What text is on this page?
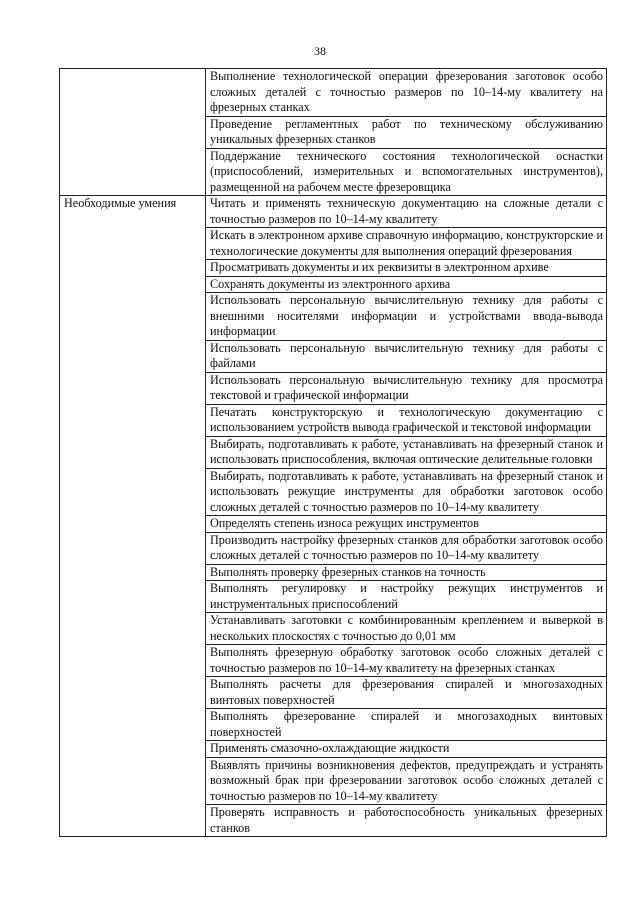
38
	Выполнение технологической операции фрезерования заготовок особо сложных деталей с точностью размеров по 10–14-му квалитету на фрезерных станках
	Проведение регламентных работ по техническому обслуживанию уникальных фрезерных станков
	Поддержание технического состояния технологической оснастки (приспособлений, измерительных и вспомогательных инструментов), размещенной на рабочем месте фрезеровщика
Необходимые умения	Читать и применять техническую документацию на сложные детали с точностью размеров по 10–14-му квалитету
	Искать в электронном архиве справочную информацию, конструкторские и технологические документы для выполнения операций фрезерования
	Просматривать документы и их реквизиты в электронном архиве
	Сохранять документы из электронного архива
	Использовать персональную вычислительную технику для работы с внешними носителями информации и устройствами ввода-вывода информации
	Использовать персональную вычислительную технику для работы с файлами
	Использовать персональную вычислительную технику для просмотра текстовой и графической информации
	Печатать конструкторскую и технологическую документацию с использованием устройств вывода графической и текстовой информации
	Выбирать, подготавливать к работе, устанавливать на фрезерный станок и использовать приспособления, включая оптические делительные головки
	Выбирать, подготавливать к работе, устанавливать на фрезерный станок и использовать режущие инструменты для обработки заготовок особо сложных деталей с точностью размеров по 10–14-му квалитету
	Определять степень износа режущих инструментов
	Производить настройку фрезерных станков для обработки заготовок особо сложных деталей с точностью размеров по 10–14-му квалитету
	Выполнять проверку фрезерных станков на точность
	Выполнять регулировку и настройку режущих инструментов и инструментальных приспособлений
	Устанавливать заготовки с комбинированным креплением и выверкой в нескольких плоскостях с точностью до 0,01 мм
	Выполнять фрезерную обработку заготовок особо сложных деталей с точностью размеров по 10–14-му квалитету на фрезерных станках
	Выполнять расчеты для фрезерования спиралей и многозаходных винтовых поверхностей
	Выполнять фрезерование спиралей и многозаходных винтовых поверхностей
	Применять смазочно-охлаждающие жидкости
	Выявлять причины возникновения дефектов, предупреждать и устранять возможный брак при фрезеровании заготовок особо сложных деталей с точностью размеров по 10–14-му квалитету
	Проверять исправность и работоспособность уникальных фрезерных станков
